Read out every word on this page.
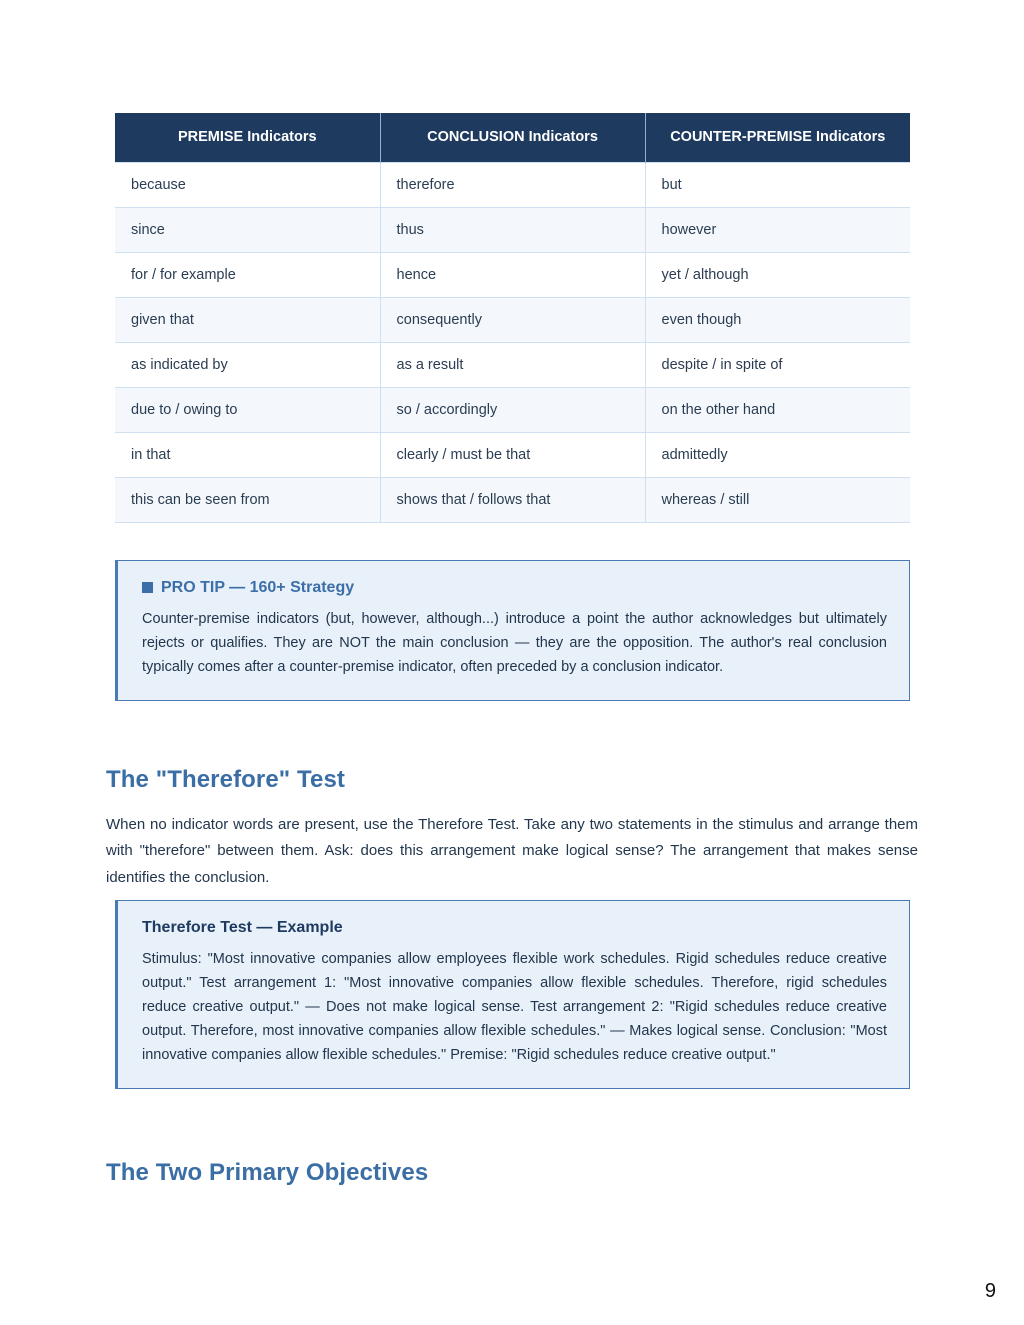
PREMISE Indicators	CONCLUSION Indicators	COUNTER-PREMISE Indicators
because	therefore	but
since	thus	however
for / for example	hence	yet / although
given that	consequently	even though
as indicated by	as a result	despite / in spite of
due to / owing to	so / accordingly	on the other hand
in that	clearly / must be that	admittedly
this can be seen from	shows that / follows that	whereas / still
PRO TIP — 160+ Strategy

Counter-premise indicators (but, however, although...) introduce a point the author acknowledges but ultimately rejects or qualifies. They are NOT the main conclusion — they are the opposition. The author's real conclusion typically comes after a counter-premise indicator, often preceded by a conclusion indicator.

The "Therefore" Test

When no indicator words are present, use the Therefore Test. Take any two statements in the stimulus and arrange them with "therefore" between them. Ask: does this arrangement make logical sense? The arrangement that makes sense identifies the conclusion.

Therefore Test — Example

Stimulus: "Most innovative companies allow employees flexible work schedules. Rigid schedules reduce creative output." Test arrangement 1: "Most innovative companies allow flexible schedules. Therefore, rigid schedules reduce creative output." — Does not make logical sense. Test arrangement 2: "Rigid schedules reduce creative output. Therefore, most innovative companies allow flexible schedules." — Makes logical sense. Conclusion: "Most innovative companies allow flexible schedules." Premise: "Rigid schedules reduce creative output."

The Two Primary Objectives
9
